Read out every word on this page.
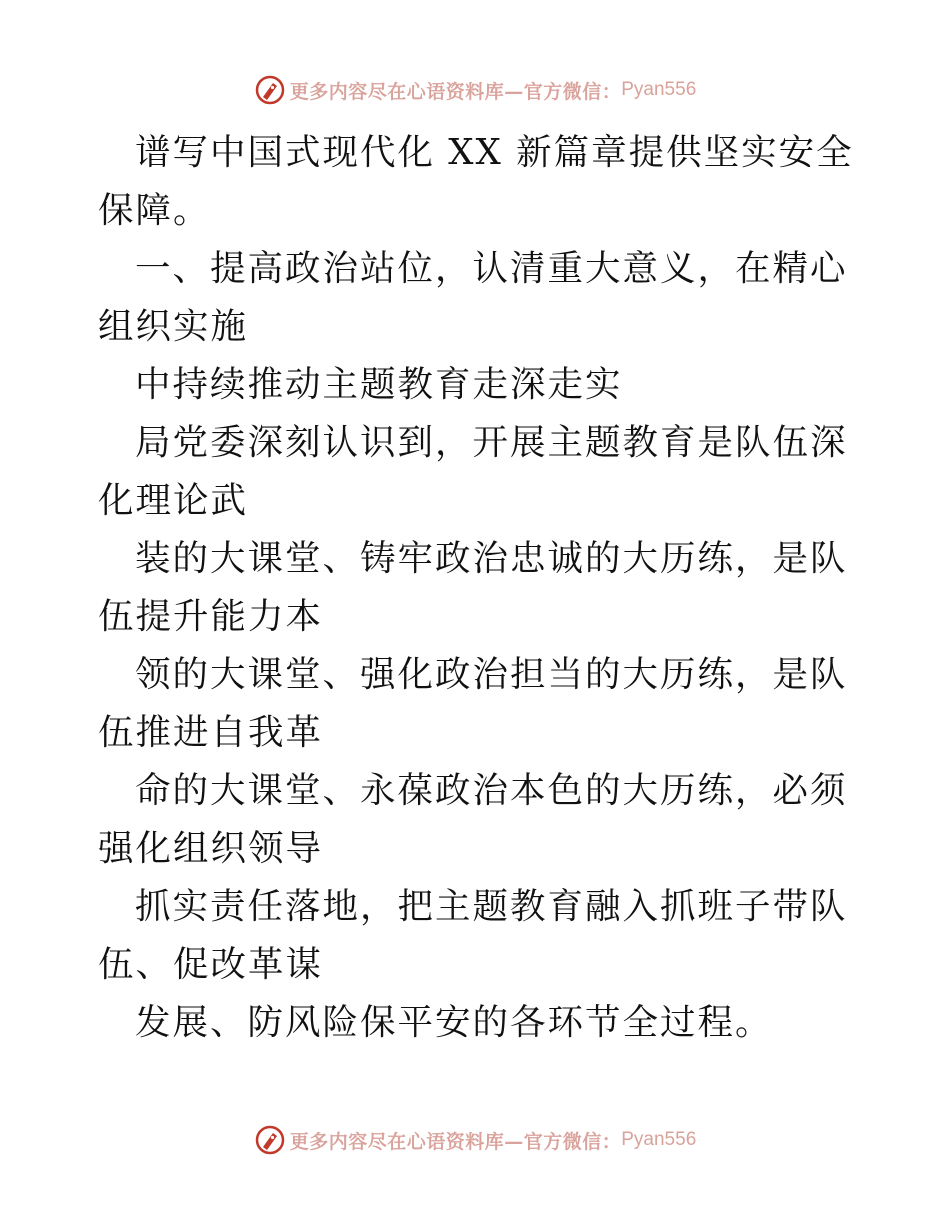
更多内容尽在心语资料库—官方微信： Pyan556

谱写中国式现代化 XX 新篇章提供坚实安全保障。

一、提高政治站位，认清重大意义，在精心组织实施

中持续推动主题教育走深走实

局党委深刻认识到，开展主题教育是队伍深化理论武

装的大课堂、铸牢政治忠诚的大历练，是队伍提升能力本

领的大课堂、强化政治担当的大历练，是队伍推进自我革

命的大课堂、永葆政治本色的大历练，必须强化组织领导

抓实责任落地，把主题教育融入抓班子带队伍、促改革谋

发展、防风险保平安的各环节全过程。

更多内容尽在心语资料库—官方微信： Pyan556
